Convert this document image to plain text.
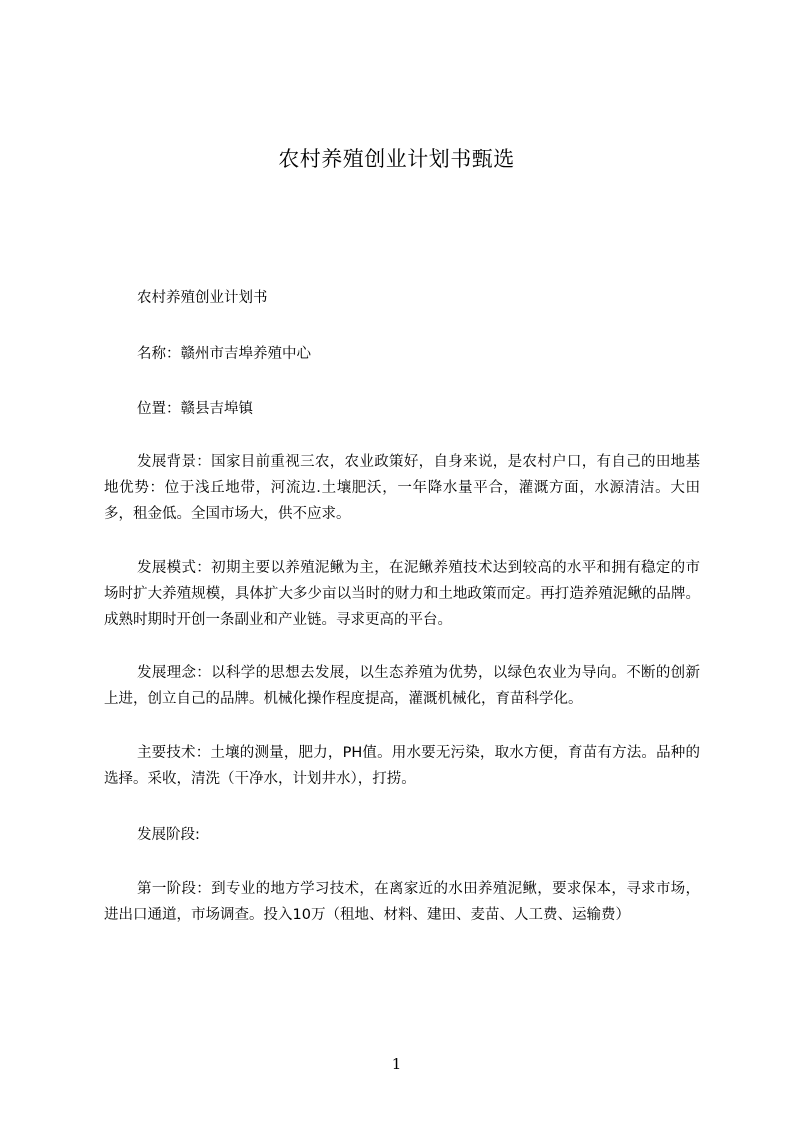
农村养殖创业计划书甄选

农村养殖创业计划书

名称：赣州市吉埠养殖中心

位置：赣县吉埠镇

发展背景：国家目前重视三农，农业政策好，自身来说，是农村户口，有自己的田地基地优势：位于浅丘地带，河流边.土壤肥沃，一年降水量平合，灌溉方面，水源清洁。大田多，租金低。全国市场大，供不应求。

发展模式：初期主要以养殖泥鳅为主，在泥鳅养殖技术达到较高的水平和拥有稳定的市场时扩大养殖规模，具体扩大多少亩以当时的财力和土地政策而定。再打造养殖泥鳅的品牌。成熟时期时开创一条副业和产业链。寻求更高的平台。

发展理念：以科学的思想去发展，以生态养殖为优势，以绿色农业为导向。不断的创新上进，创立自己的品牌。机械化操作程度提高，灌溉机械化，育苗科学化。

主要技术：土壤的测量，肥力，PH值。用水要无污染，取水方便，育苗有方法。品种的选择。采收，清洗（干净水，计划井水），打捞。

发展阶段:

第一阶段：到专业的地方学习技术，在离家近的水田养殖泥鳅，要求保本，寻求市场，进出口通道，市场调查。投入10万（租地、材料、建田、麦苗、人工费、运输费）

1
